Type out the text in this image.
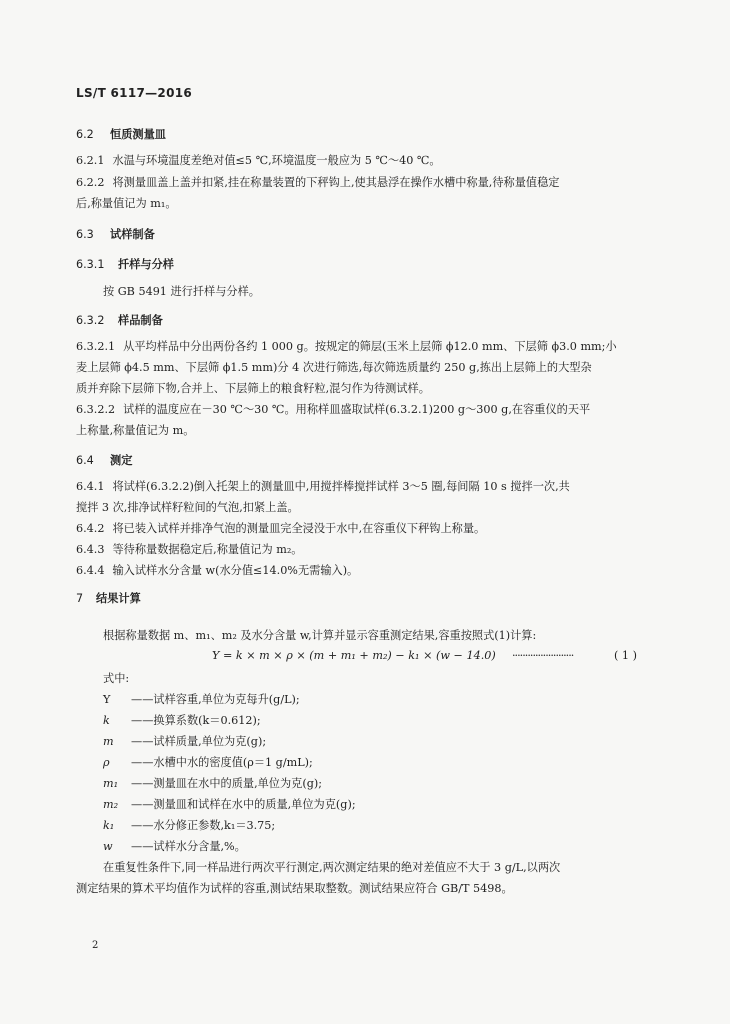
LS/T 6117—2016
6.2 恒质测量皿
6.2.1 水温与环境温度差绝对值≤5 ℃,环境温度一般应为 5 ℃～40 ℃。
6.2.2 将测量皿盖上盖并扣紧,挂在称量装置的下秤钩上,使其悬浮在操作水槽中称量,待称量值稳定
后,称量值记为 m₁。
6.3 试样制备
6.3.1 扦样与分样
按 GB 5491 进行扦样与分样。
6.3.2 样品制备
6.3.2.1 从平均样品中分出两份各约 1 000 g。按规定的筛层(玉米上层筛 ϕ12.0 mm、下层筛 ϕ3.0 mm;小
麦上层筛 ϕ4.5 mm、下层筛 ϕ1.5 mm)分 4 次进行筛选,每次筛选质量约 250 g,拣出上层筛上的大型杂
质并弃除下层筛下物,合并上、下层筛上的粮食籽粒,混匀作为待测试样。
6.3.2.2 试样的温度应在－30 ℃～30 ℃。用称样皿盛取试样(6.3.2.1)200 g～300 g,在容重仪的天平
上称量,称量值记为 m。
6.4 测定
6.4.1 将试样(6.3.2.2)倒入托架上的测量皿中,用搅拌棒搅拌试样 3～5 圈,每间隔 10 s 搅拌一次,共
搅拌 3 次,排净试样籽粒间的气泡,扣紧上盖。
6.4.2 将已装入试样并排净气泡的测量皿完全浸没于水中,在容重仪下秤钩上称量。
6.4.3 等待称量数据稳定后,称量值记为 m₂。
6.4.4 输入试样水分含量 w(水分值≤14.0%无需输入)。
7 结果计算
根据称量数据 m、m₁、m₂ 及水分含量 w,计算并显示容重测定结果,容重按照式(1)计算:
Y = k × m × ρ × (m + m₁ + m₂) − k₁ × (w − 14.0) ························	( 1 )
式中:
Y ——试样容重,单位为克每升(g/L);
k ——换算系数(k＝0.612);
m ——试样质量,单位为克(g);
ρ ——水槽中水的密度值(ρ＝1 g/mL);
m₁ ——测量皿在水中的质量,单位为克(g);
m₂ ——测量皿和试样在水中的质量,单位为克(g);
k₁ ——水分修正参数,k₁＝3.75;
w ——试样水分含量,%。
在重复性条件下,同一样品进行两次平行测定,两次测定结果的绝对差值应不大于 3 g/L,以两次
测定结果的算术平均值作为试样的容重,测试结果取整数。测试结果应符合 GB/T 5498。
2
